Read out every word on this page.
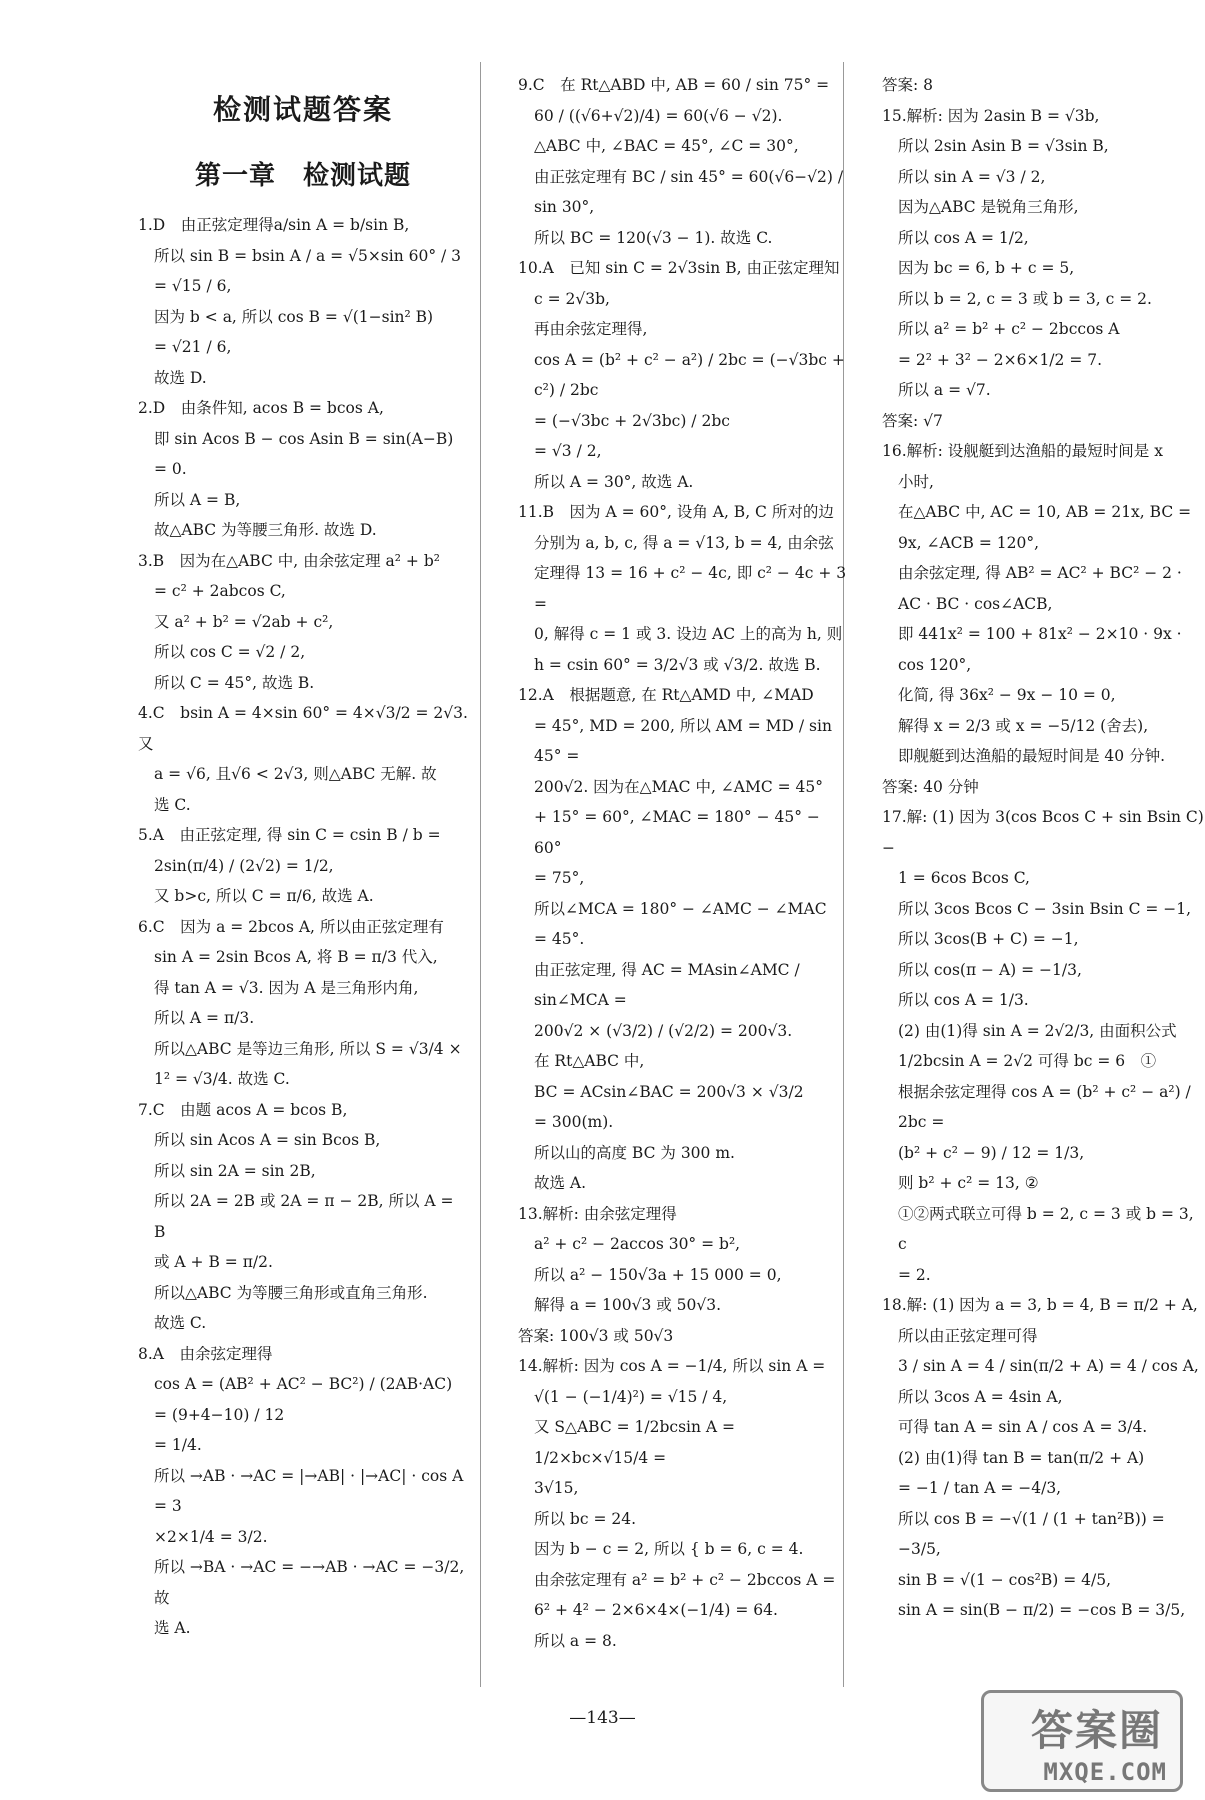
检测试题答案
第一章　检测试题
1.D　由正弦定理得a/sin A = b/sin B,
所以 sin B = bsin A / a = √5×sin 60° / 3 = √15 / 6,
因为 b < a, 所以 cos B = √(1−sin² B)
= √21 / 6,
故选 D.
2.D　由条件知, acos B = bcos A,
即 sin Acos B − cos Asin B = sin(A−B)
= 0.
所以 A = B,
故△ABC 为等腰三角形. 故选 D.
3.B　因为在△ABC 中, 由余弦定理 a² + b²
= c² + 2abcos C,
又 a² + b² = √2ab + c²,
所以 cos C = √2 / 2,
所以 C = 45°, 故选 B.
4.C　bsin A = 4×sin 60° = 4×√3/2 = 2√3. 又
a = √6, 且√6 < 2√3, 则△ABC 无解. 故
选 C.
5.A　由正弦定理, 得 sin C = csin B / b =
2sin(π/4) / (2√2) = 1/2,
又 b>c, 所以 C = π/6, 故选 A.
6.C　因为 a = 2bcos A, 所以由正弦定理有
sin A = 2sin Bcos A, 将 B = π/3 代入,
得 tan A = √3. 因为 A 是三角形内角,
所以 A = π/3.
所以△ABC 是等边三角形, 所以 S = √3/4 ×
1² = √3/4. 故选 C.
7.C　由题 acos A = bcos B,
所以 sin Acos A = sin Bcos B,
所以 sin 2A = sin 2B,
所以 2A = 2B 或 2A = π − 2B, 所以 A = B
或 A + B = π/2.
所以△ABC 为等腰三角形或直角三角形.
故选 C.
8.A　由余弦定理得
cos A = (AB² + AC² − BC²) / (2AB·AC) = (9+4−10) / 12
= 1/4.
所以 →AB · →AC = |→AB| · |→AC| · cos A = 3
×2×1/4 = 3/2.
所以 →BA · →AC = −→AB · →AC = −3/2, 故
选 A.
9.C　在 Rt△ABD 中, AB = 60 / sin 75° =
60 / ((√6+√2)/4) = 60(√6 − √2).
△ABC 中, ∠BAC = 45°, ∠C = 30°,
由正弦定理有 BC / sin 45° = 60(√6−√2) / sin 30°,
所以 BC = 120(√3 − 1). 故选 C.
10.A　已知 sin C = 2√3sin B, 由正弦定理知
c = 2√3b,
再由余弦定理得,
cos A = (b² + c² − a²) / 2bc = (−√3bc + c²) / 2bc
= (−√3bc + 2√3bc) / 2bc
= √3 / 2,
所以 A = 30°, 故选 A.
11.B　因为 A = 60°, 设角 A, B, C 所对的边
分别为 a, b, c, 得 a = √13, b = 4, 由余弦
定理得 13 = 16 + c² − 4c, 即 c² − 4c + 3 =
0, 解得 c = 1 或 3. 设边 AC 上的高为 h, 则
h = csin 60° = 3/2√3 或 √3/2. 故选 B.
12.A　根据题意, 在 Rt△AMD 中, ∠MAD
= 45°, MD = 200, 所以 AM = MD / sin 45° =
200√2. 因为在△MAC 中, ∠AMC = 45°
+ 15° = 60°, ∠MAC = 180° − 45° − 60°
= 75°,
所以∠MCA = 180° − ∠AMC − ∠MAC
= 45°.
由正弦定理, 得 AC = MAsin∠AMC / sin∠MCA =
200√2 × (√3/2) / (√2/2) = 200√3.
在 Rt△ABC 中,
BC = ACsin∠BAC = 200√3 × √3/2
= 300(m).
所以山的高度 BC 为 300 m.
故选 A.
13.解析: 由余弦定理得
a² + c² − 2accos 30° = b²,
所以 a² − 150√3a + 15 000 = 0,
解得 a = 100√3 或 50√3.
答案: 100√3 或 50√3
14.解析: 因为 cos A = −1/4, 所以 sin A =
√(1 − (−1/4)²) = √15 / 4,
又 S△ABC = 1/2bcsin A = 1/2×bc×√15/4 =
3√15,
所以 bc = 24.
因为 b − c = 2, 所以 { b = 6, c = 4.
由余弦定理有 a² = b² + c² − 2bccos A =
6² + 4² − 2×6×4×(−1/4) = 64.
所以 a = 8.
答案: 8
15.解析: 因为 2asin B = √3b,
所以 2sin Asin B = √3sin B,
所以 sin A = √3 / 2,
因为△ABC 是锐角三角形,
所以 cos A = 1/2,
因为 bc = 6, b + c = 5,
所以 b = 2, c = 3 或 b = 3, c = 2.
所以 a² = b² + c² − 2bccos A
= 2² + 3² − 2×6×1/2 = 7.
所以 a = √7.
答案: √7
16.解析: 设舰艇到达渔船的最短时间是 x
小时,
在△ABC 中, AC = 10, AB = 21x, BC =
9x, ∠ACB = 120°,
由余弦定理, 得 AB² = AC² + BC² − 2 ·
AC · BC · cos∠ACB,
即 441x² = 100 + 81x² − 2×10 · 9x ·
cos 120°,
化简, 得 36x² − 9x − 10 = 0,
解得 x = 2/3 或 x = −5/12 (舍去),
即舰艇到达渔船的最短时间是 40 分钟.
答案: 40 分钟
17.解: (1) 因为 3(cos Bcos C + sin Bsin C) −
1 = 6cos Bcos C,
所以 3cos Bcos C − 3sin Bsin C = −1,
所以 3cos(B + C) = −1,
所以 cos(π − A) = −1/3,
所以 cos A = 1/3.
(2) 由(1)得 sin A = 2√2/3, 由面积公式
1/2bcsin A = 2√2 可得 bc = 6　①
根据余弦定理得 cos A = (b² + c² − a²) / 2bc =
(b² + c² − 9) / 12 = 1/3,
则 b² + c² = 13, ②
①②两式联立可得 b = 2, c = 3 或 b = 3, c
= 2.
18.解: (1) 因为 a = 3, b = 4, B = π/2 + A,
所以由正弦定理可得
3 / sin A = 4 / sin(π/2 + A) = 4 / cos A,
所以 3cos A = 4sin A,
可得 tan A = sin A / cos A = 3/4.
(2) 由(1)得 tan B = tan(π/2 + A)
= −1 / tan A = −4/3,
所以 cos B = −√(1 / (1 + tan²B)) = −3/5,
sin B = √(1 − cos²B) = 4/5,
sin A = sin(B − π/2) = −cos B = 3/5,
—143—	答案圈
MXQE.COM
